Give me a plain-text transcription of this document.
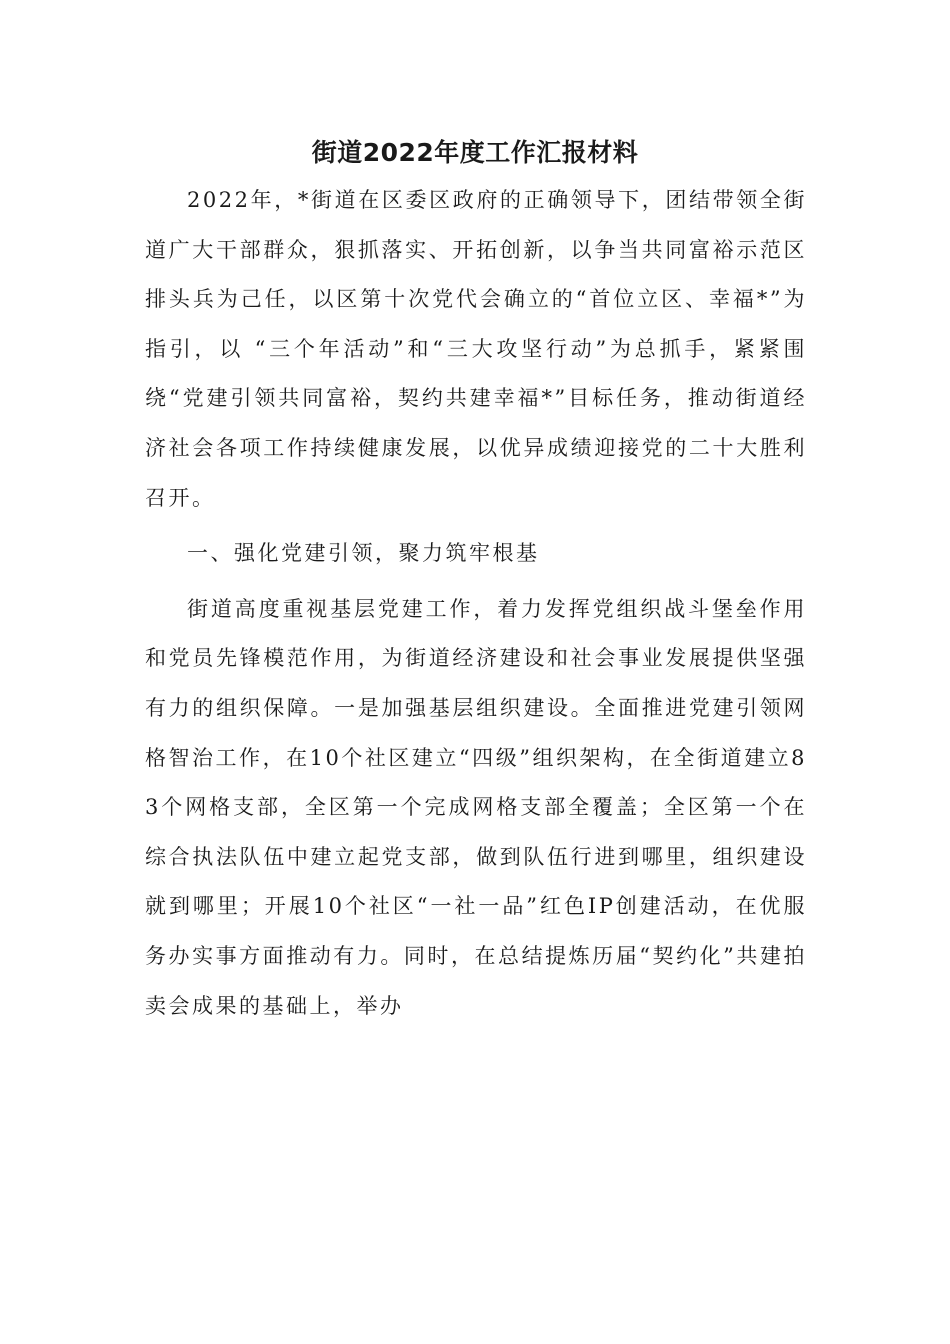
街道2022年度工作汇报材料

2022年，*街道在区委区政府的正确领导下，团结带领全街道广大干部群众，狠抓落实、开拓创新，以争当共同富裕示范区排头兵为己任，以区第十次党代会确立的“首位立区、幸福*”为指引，以 “三个年活动”和“三大攻坚行动”为总抓手，紧紧围绕“党建引领共同富裕，契约共建幸福*”目标任务，推动街道经济社会各项工作持续健康发展，以优异成绩迎接党的二十大胜利召开。

一、强化党建引领，聚力筑牢根基

街道高度重视基层党建工作，着力发挥党组织战斗堡垒作用和党员先锋模范作用，为街道经济建设和社会事业发展提供坚强有力的组织保障。一是加强基层组织建设。全面推进党建引领网格智治工作，在10个社区建立“四级”组织架构，在全街道建立83个网格支部，全区第一个完成网格支部全覆盖；全区第一个在综合执法队伍中建立起党支部，做到队伍行进到哪里，组织建设就到哪里；开展10个社区“一社一品”红色IP创建活动，在优服务办实事方面推动有力。同时，在总结提炼历届“契约化”共建拍卖会成果的基础上，举办
